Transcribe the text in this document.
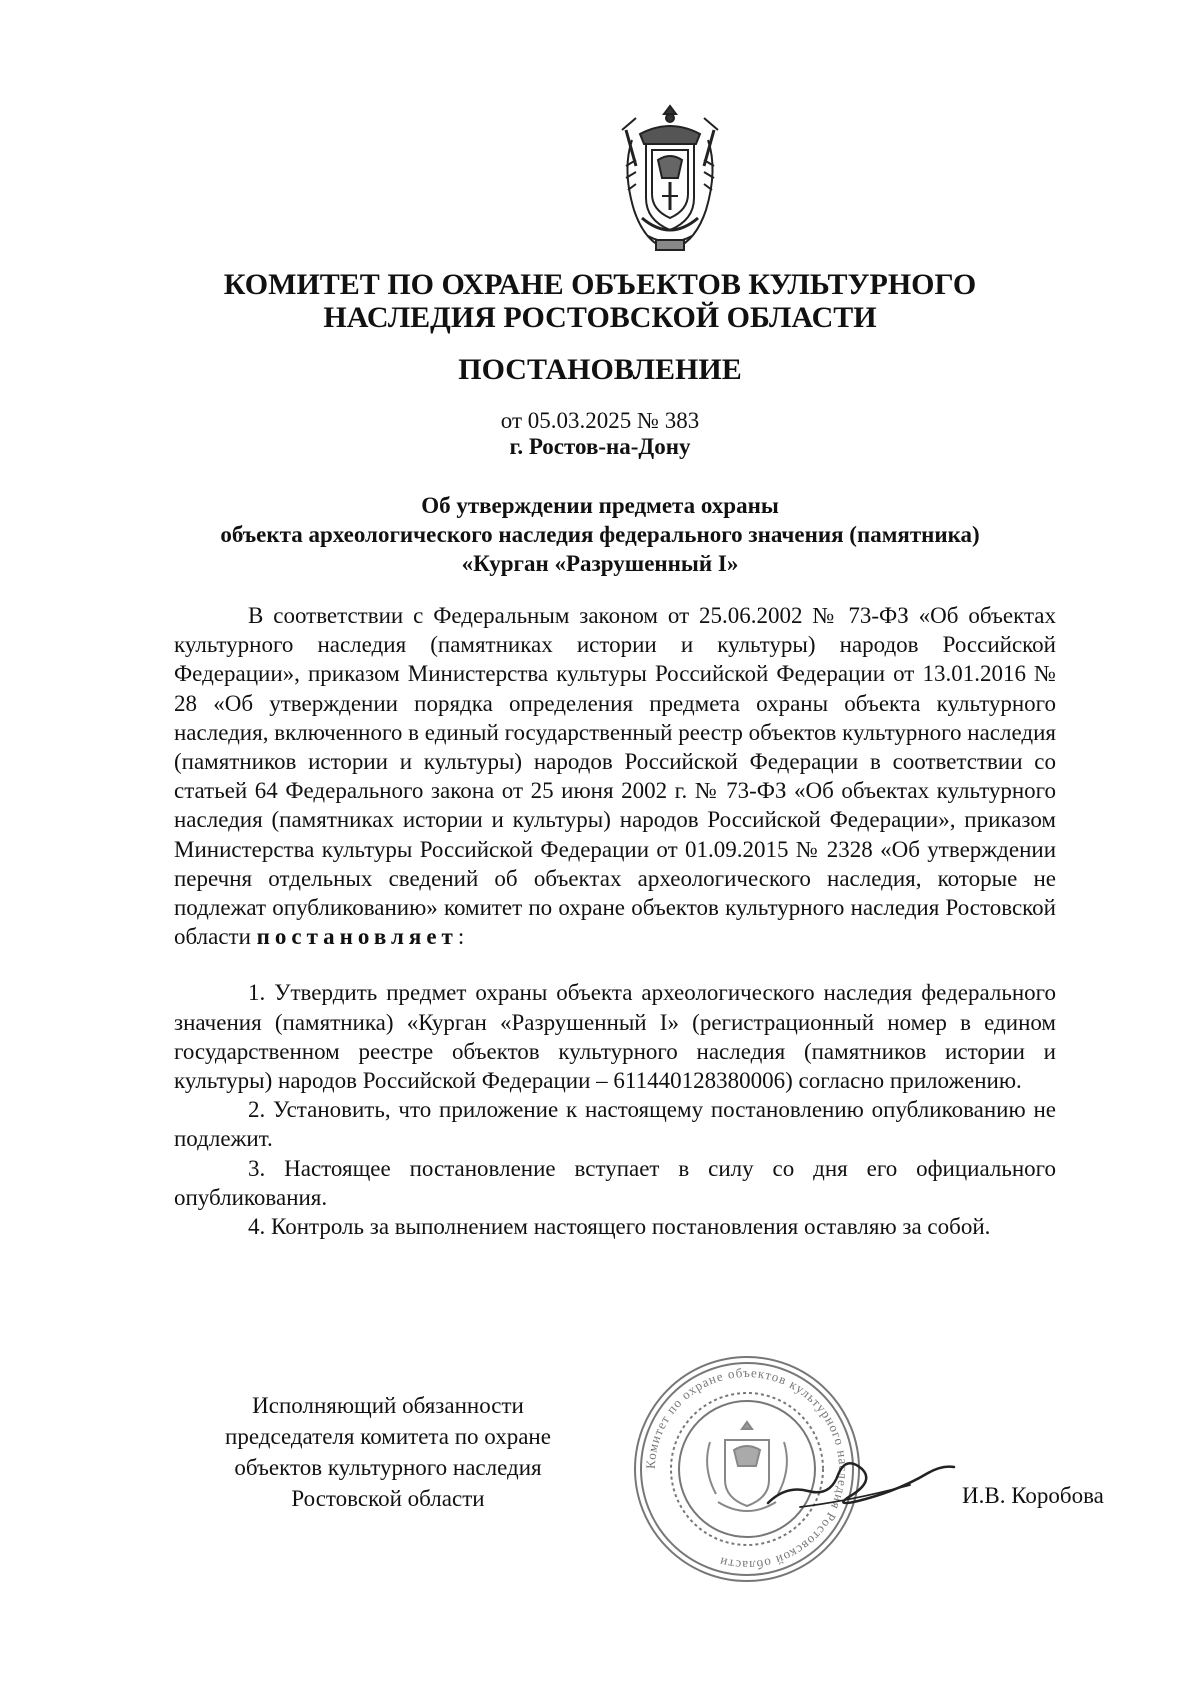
КОМИТЕТ ПО ОХРАНЕ ОБЪЕКТОВ КУЛЬТУРНОГО
НАСЛЕДИЯ РОСТОВСКОЙ ОБЛАСТИ
ПОСТАНОВЛЕНИЕ
от 05.03.2025 № 383
г. Ростов-на-Дону
Об утверждении предмета охраны
объекта археологического наследия федерального значения (памятника)
«Курган «Разрушенный I»

В соответствии с Федеральным законом от 25.06.2002 № 73-ФЗ «Об объектах культурного наследия (памятниках истории и культуры) народов Российской Федерации», приказом Министерства культуры Российской Федерации от 13.01.2016 № 28 «Об утверждении порядка определения предмета охраны объекта культурного наследия, включенного в единый государственный реестр объектов культурного наследия (памятников истории и культуры) народов Российской Федерации в соответствии со статьей 64 Федерального закона от 25 июня 2002 г. № 73-ФЗ «Об объектах культурного наследия (памятниках истории и культуры) народов Российской Федерации», приказом Министерства культуры Российской Федерации от 01.09.2015 № 2328 «Об утверждении перечня отдельных сведений об объектах археологического наследия, которые не подлежат опубликованию» комитет по охране объектов культурного наследия Ростовской области постановляет:

1. Утвердить предмет охраны объекта археологического наследия федерального значения (памятника) «Курган «Разрушенный I» (регистрационный номер в едином государственном реестре объектов культурного наследия (памятников истории и культуры) народов Российской Федерации – 611440128380006) согласно приложению.

2. Установить, что приложение к настоящему постановлению опубликованию не подлежит.

3. Настоящее постановление вступает в силу со дня его официального опубликования.

4. Контроль за выполнением настоящего постановления оставляю за собой.

Исполняющий обязанности
председателя комитета по охране
объектов культурного наследия
Ростовской области
Комитет по охране объектов культурного наследия Ростовской области
И.В. Коробова
